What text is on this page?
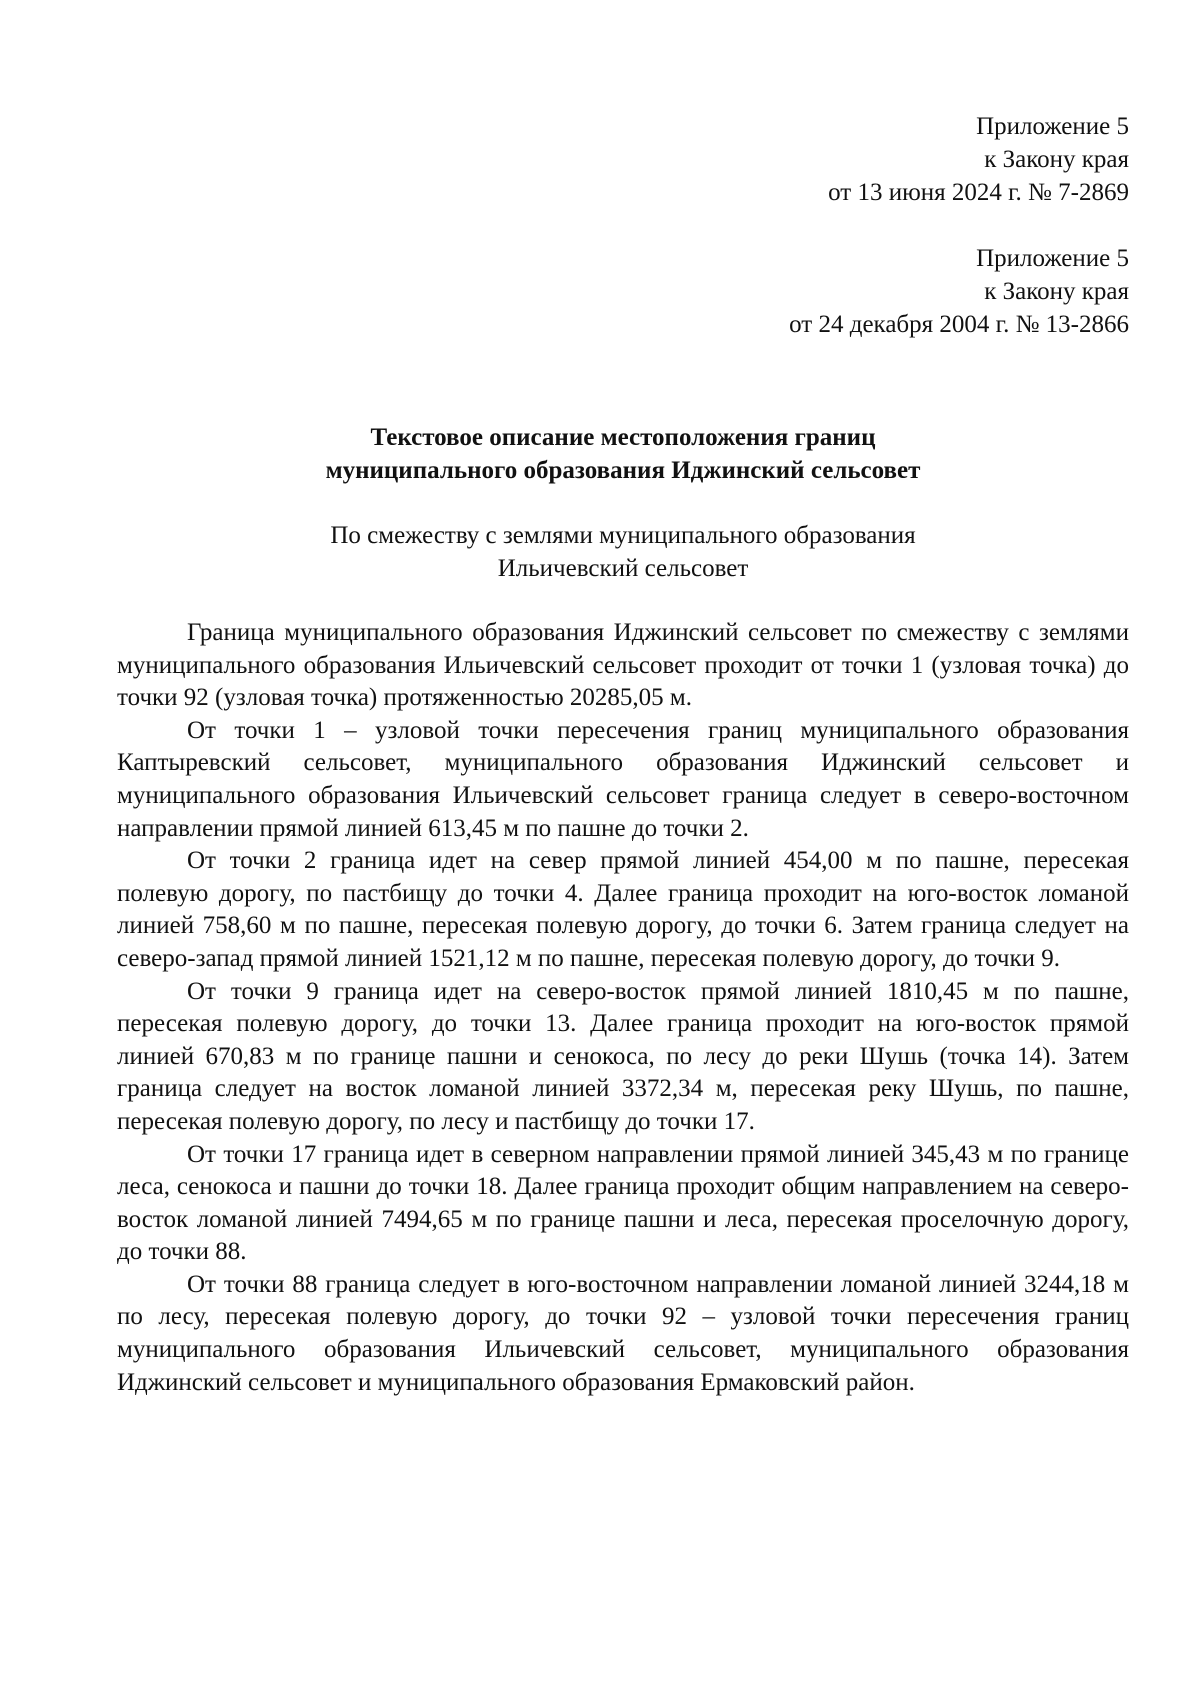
Приложение 5
к Закону края
от 13 июня 2024 г. № 7-2869
Приложение 5
к Закону края
от 24 декабря 2004 г. № 13-2866
Текстовое описание местоположения границ
муниципального образования Иджинский сельсовет
По смежеству с землями муниципального образования
Ильичевский сельсовет

Граница муниципального образования Иджинский сельсовет по смежеству с землями муниципального образования Ильичевский сельсовет проходит от точки 1 (узловая точка) до точки 92 (узловая точка) протяженностью 20285,05 м.

От точки 1 – узловой точки пересечения границ муниципального образования Каптыревский сельсовет, муниципального образования Иджинский сельсовет и муниципального образования Ильичевский сельсовет граница следует в северо-восточном направлении прямой линией 613,45 м по пашне до точки 2.

От точки 2 граница идет на север прямой линией 454,00 м по пашне, пересекая полевую дорогу, по пастбищу до точки 4. Далее граница проходит на юго-восток ломаной линией 758,60 м по пашне, пересекая полевую дорогу, до точки 6. Затем граница следует на северо-запад прямой линией 1521,12 м по пашне, пересекая полевую дорогу, до точки 9.

От точки 9 граница идет на северо-восток прямой линией 1810,45 м по пашне, пересекая полевую дорогу, до точки 13. Далее граница проходит на юго-восток прямой линией 670,83 м по границе пашни и сенокоса, по лесу до реки Шушь (точка 14). Затем граница следует на восток ломаной линией 3372,34 м, пересекая реку Шушь, по пашне, пересекая полевую дорогу, по лесу и пастбищу до точки 17.

От точки 17 граница идет в северном направлении прямой линией 345,43 м по границе леса, сенокоса и пашни до точки 18. Далее граница проходит общим направлением на северо-восток ломаной линией 7494,65 м по границе пашни и леса, пересекая проселочную дорогу, до точки 88.

От точки 88 граница следует в юго-восточном направлении ломаной линией 3244,18 м по лесу, пересекая полевую дорогу, до точки 92 – узловой точки пересечения границ муниципального образования Ильичевский сельсовет, муниципального образования Иджинский сельсовет и муниципального образования Ермаковский район.
